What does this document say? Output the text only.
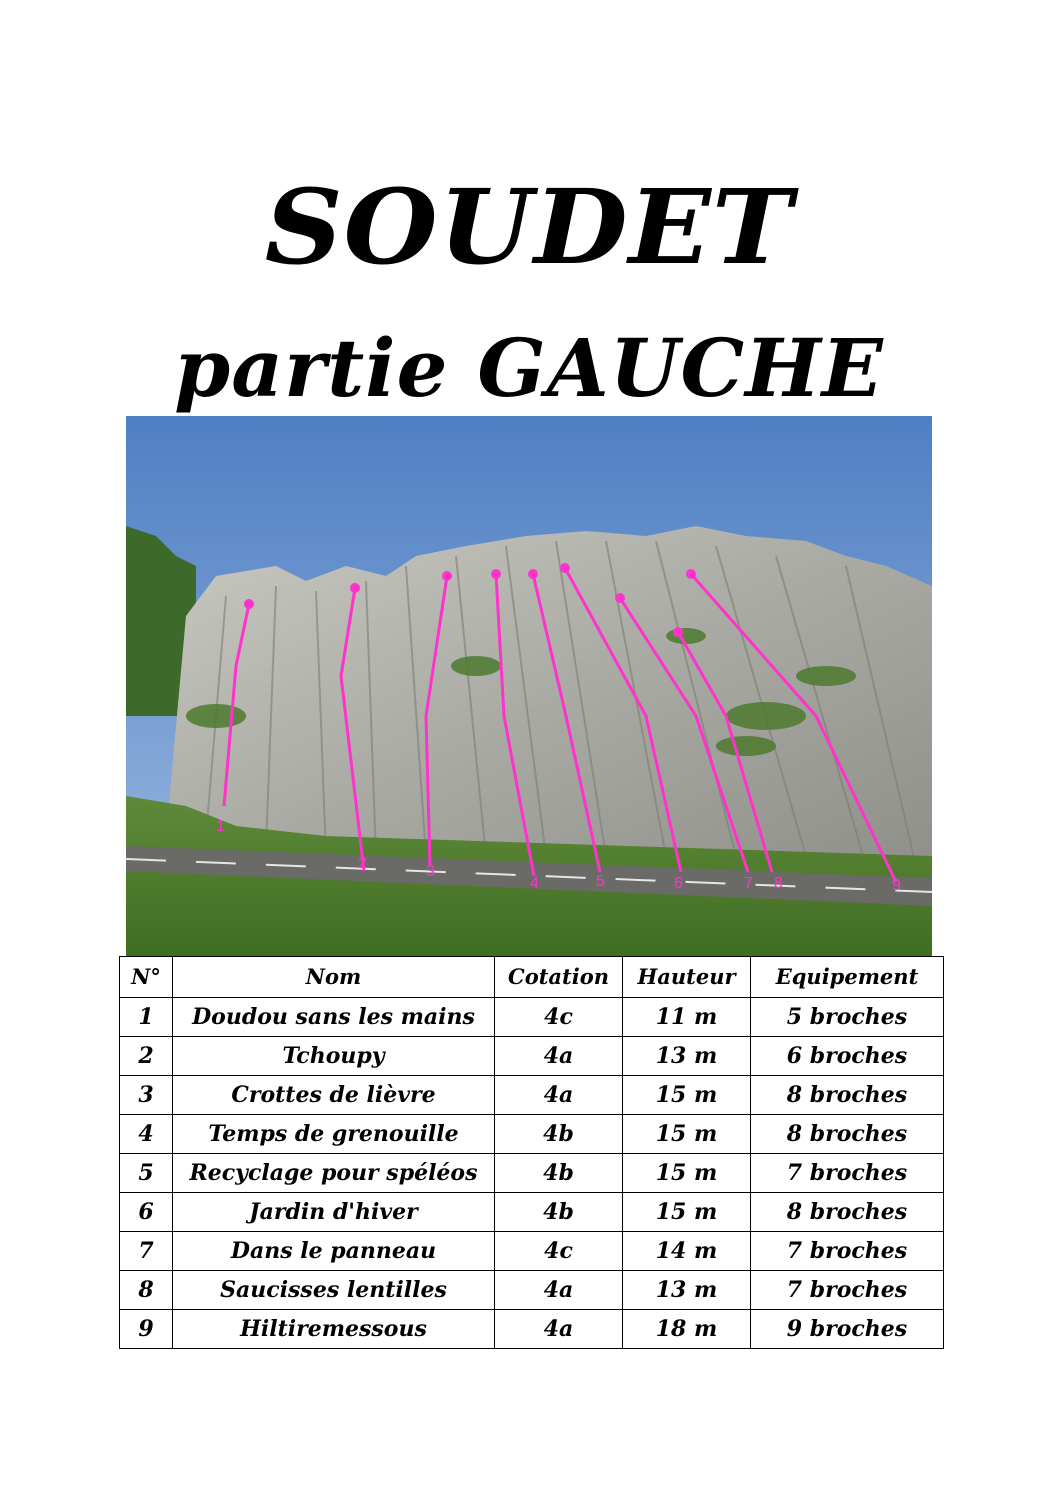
SOUDET
partie GAUCHE
1
2	3
4	5	6	7 8	9
N°	Nom	Cotation	Hauteur	Equipement
1	Doudou sans les mains	4c	11 m	5 broches
2	Tchoupy	4a	13 m	6 broches
3	Crottes de lièvre	4a	15 m	8 broches
4	Temps de grenouille	4b	15 m	8 broches
5	Recyclage pour spéléos	4b	15 m	7 broches
6	Jardin d'hiver	4b	15 m	8 broches
7	Dans le panneau	4c	14 m	7 broches
8	Saucisses lentilles	4a	13 m	7 broches
9	Hiltiremessous	4a	18 m	9 broches
